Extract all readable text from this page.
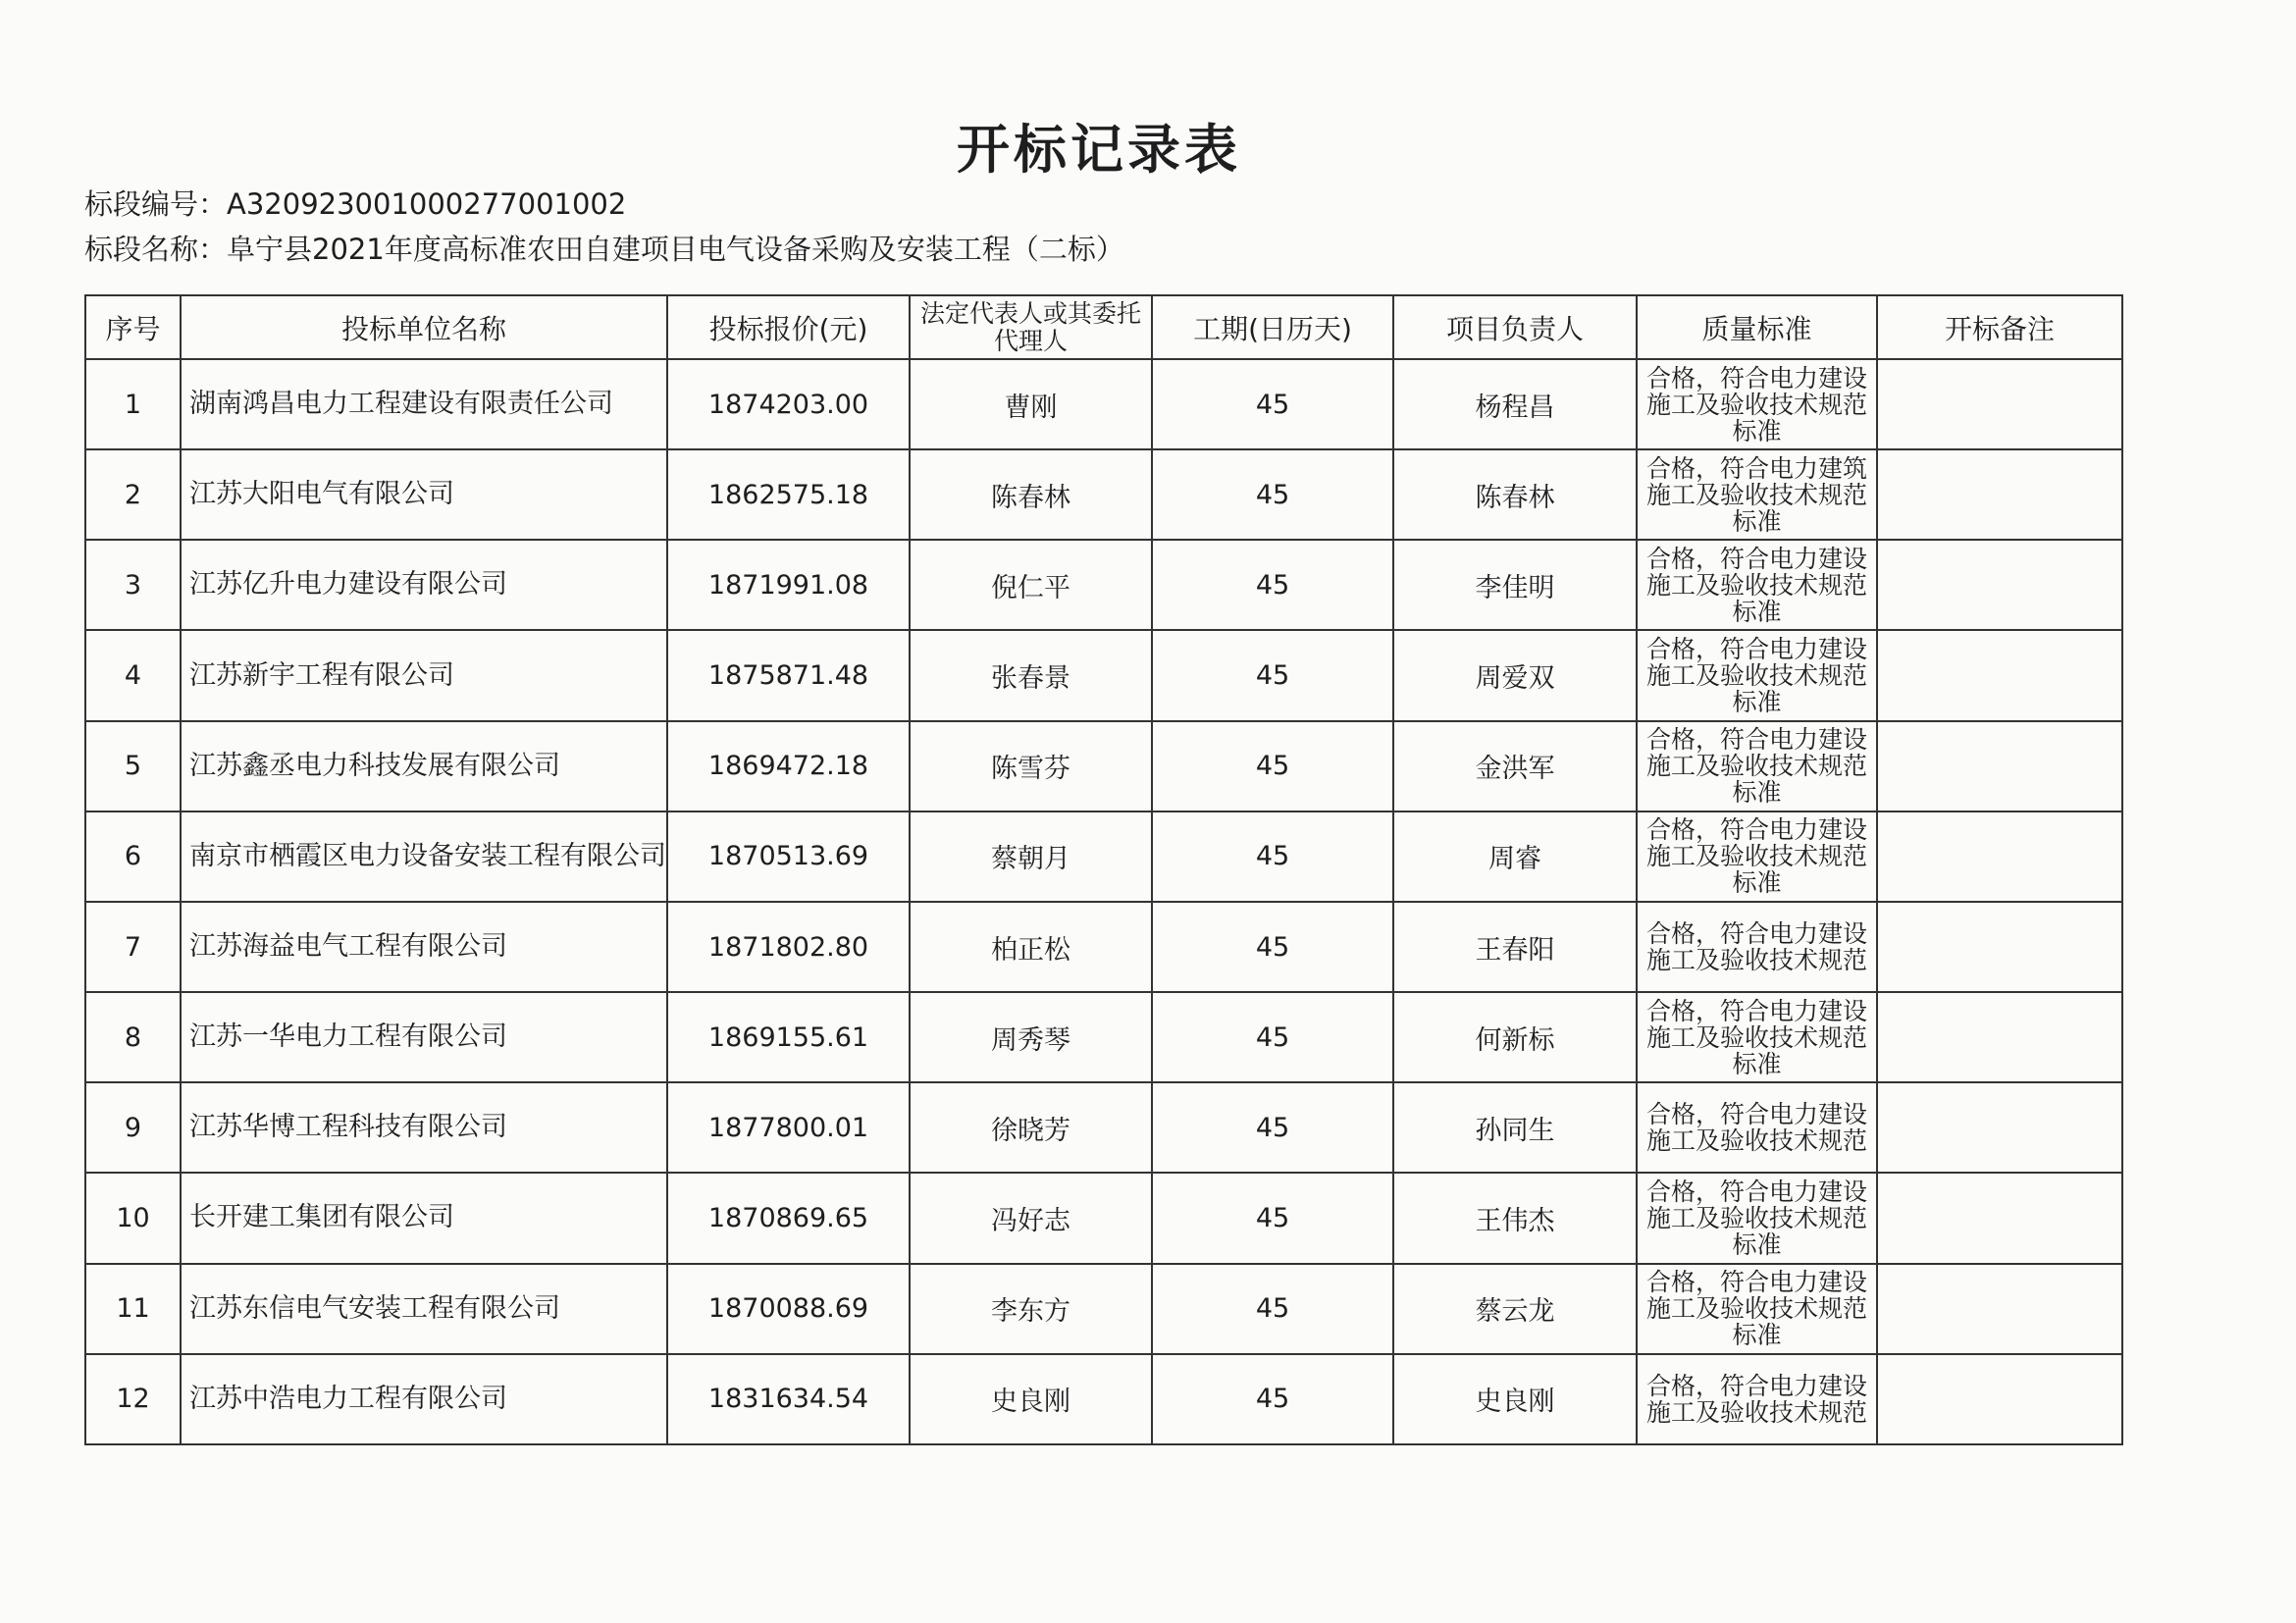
开标记录表
标段编号：A320923001000277001002
标段名称：阜宁县2021年度高标准农田自建项目电气设备采购及安装工程（二标）
序号	投标单位名称	投标报价(元)	法定代表人或其委托代理人	工期(日历天)	项目负责人	质量标准	开标备注
1	湖南鸿昌电力工程建设有限责任公司	1874203.00	曹刚	45	杨程昌	合格，符合电力建设施工及验收技术规范标准	
2	江苏大阳电气有限公司	1862575.18	陈春林	45	陈春林	合格，符合电力建筑施工及验收技术规范标准	
3	江苏亿升电力建设有限公司	1871991.08	倪仁平	45	李佳明	合格，符合电力建设施工及验收技术规范标准	
4	江苏新宇工程有限公司	1875871.48	张春景	45	周爱双	合格，符合电力建设施工及验收技术规范标准	
5	江苏鑫丞电力科技发展有限公司	1869472.18	陈雪芬	45	金洪军	合格，符合电力建设施工及验收技术规范标准	
6	南京市栖霞区电力设备安装工程有限公司	1870513.69	蔡朝月	45	周睿	合格，符合电力建设施工及验收技术规范标准	
7	江苏海益电气工程有限公司	1871802.80	柏正松	45	王春阳	合格，符合电力建设施工及验收技术规范	
8	江苏一华电力工程有限公司	1869155.61	周秀琴	45	何新标	合格，符合电力建设施工及验收技术规范标准	
9	江苏华博工程科技有限公司	1877800.01	徐晓芳	45	孙同生	合格，符合电力建设施工及验收技术规范	
10	长开建工集团有限公司	1870869.65	冯好志	45	王伟杰	合格，符合电力建设施工及验收技术规范标准	
11	江苏东信电气安装工程有限公司	1870088.69	李东方	45	蔡云龙	合格，符合电力建设施工及验收技术规范标准	
12	江苏中浩电力工程有限公司	1831634.54	史良刚	45	史良刚	合格，符合电力建设施工及验收技术规范	
